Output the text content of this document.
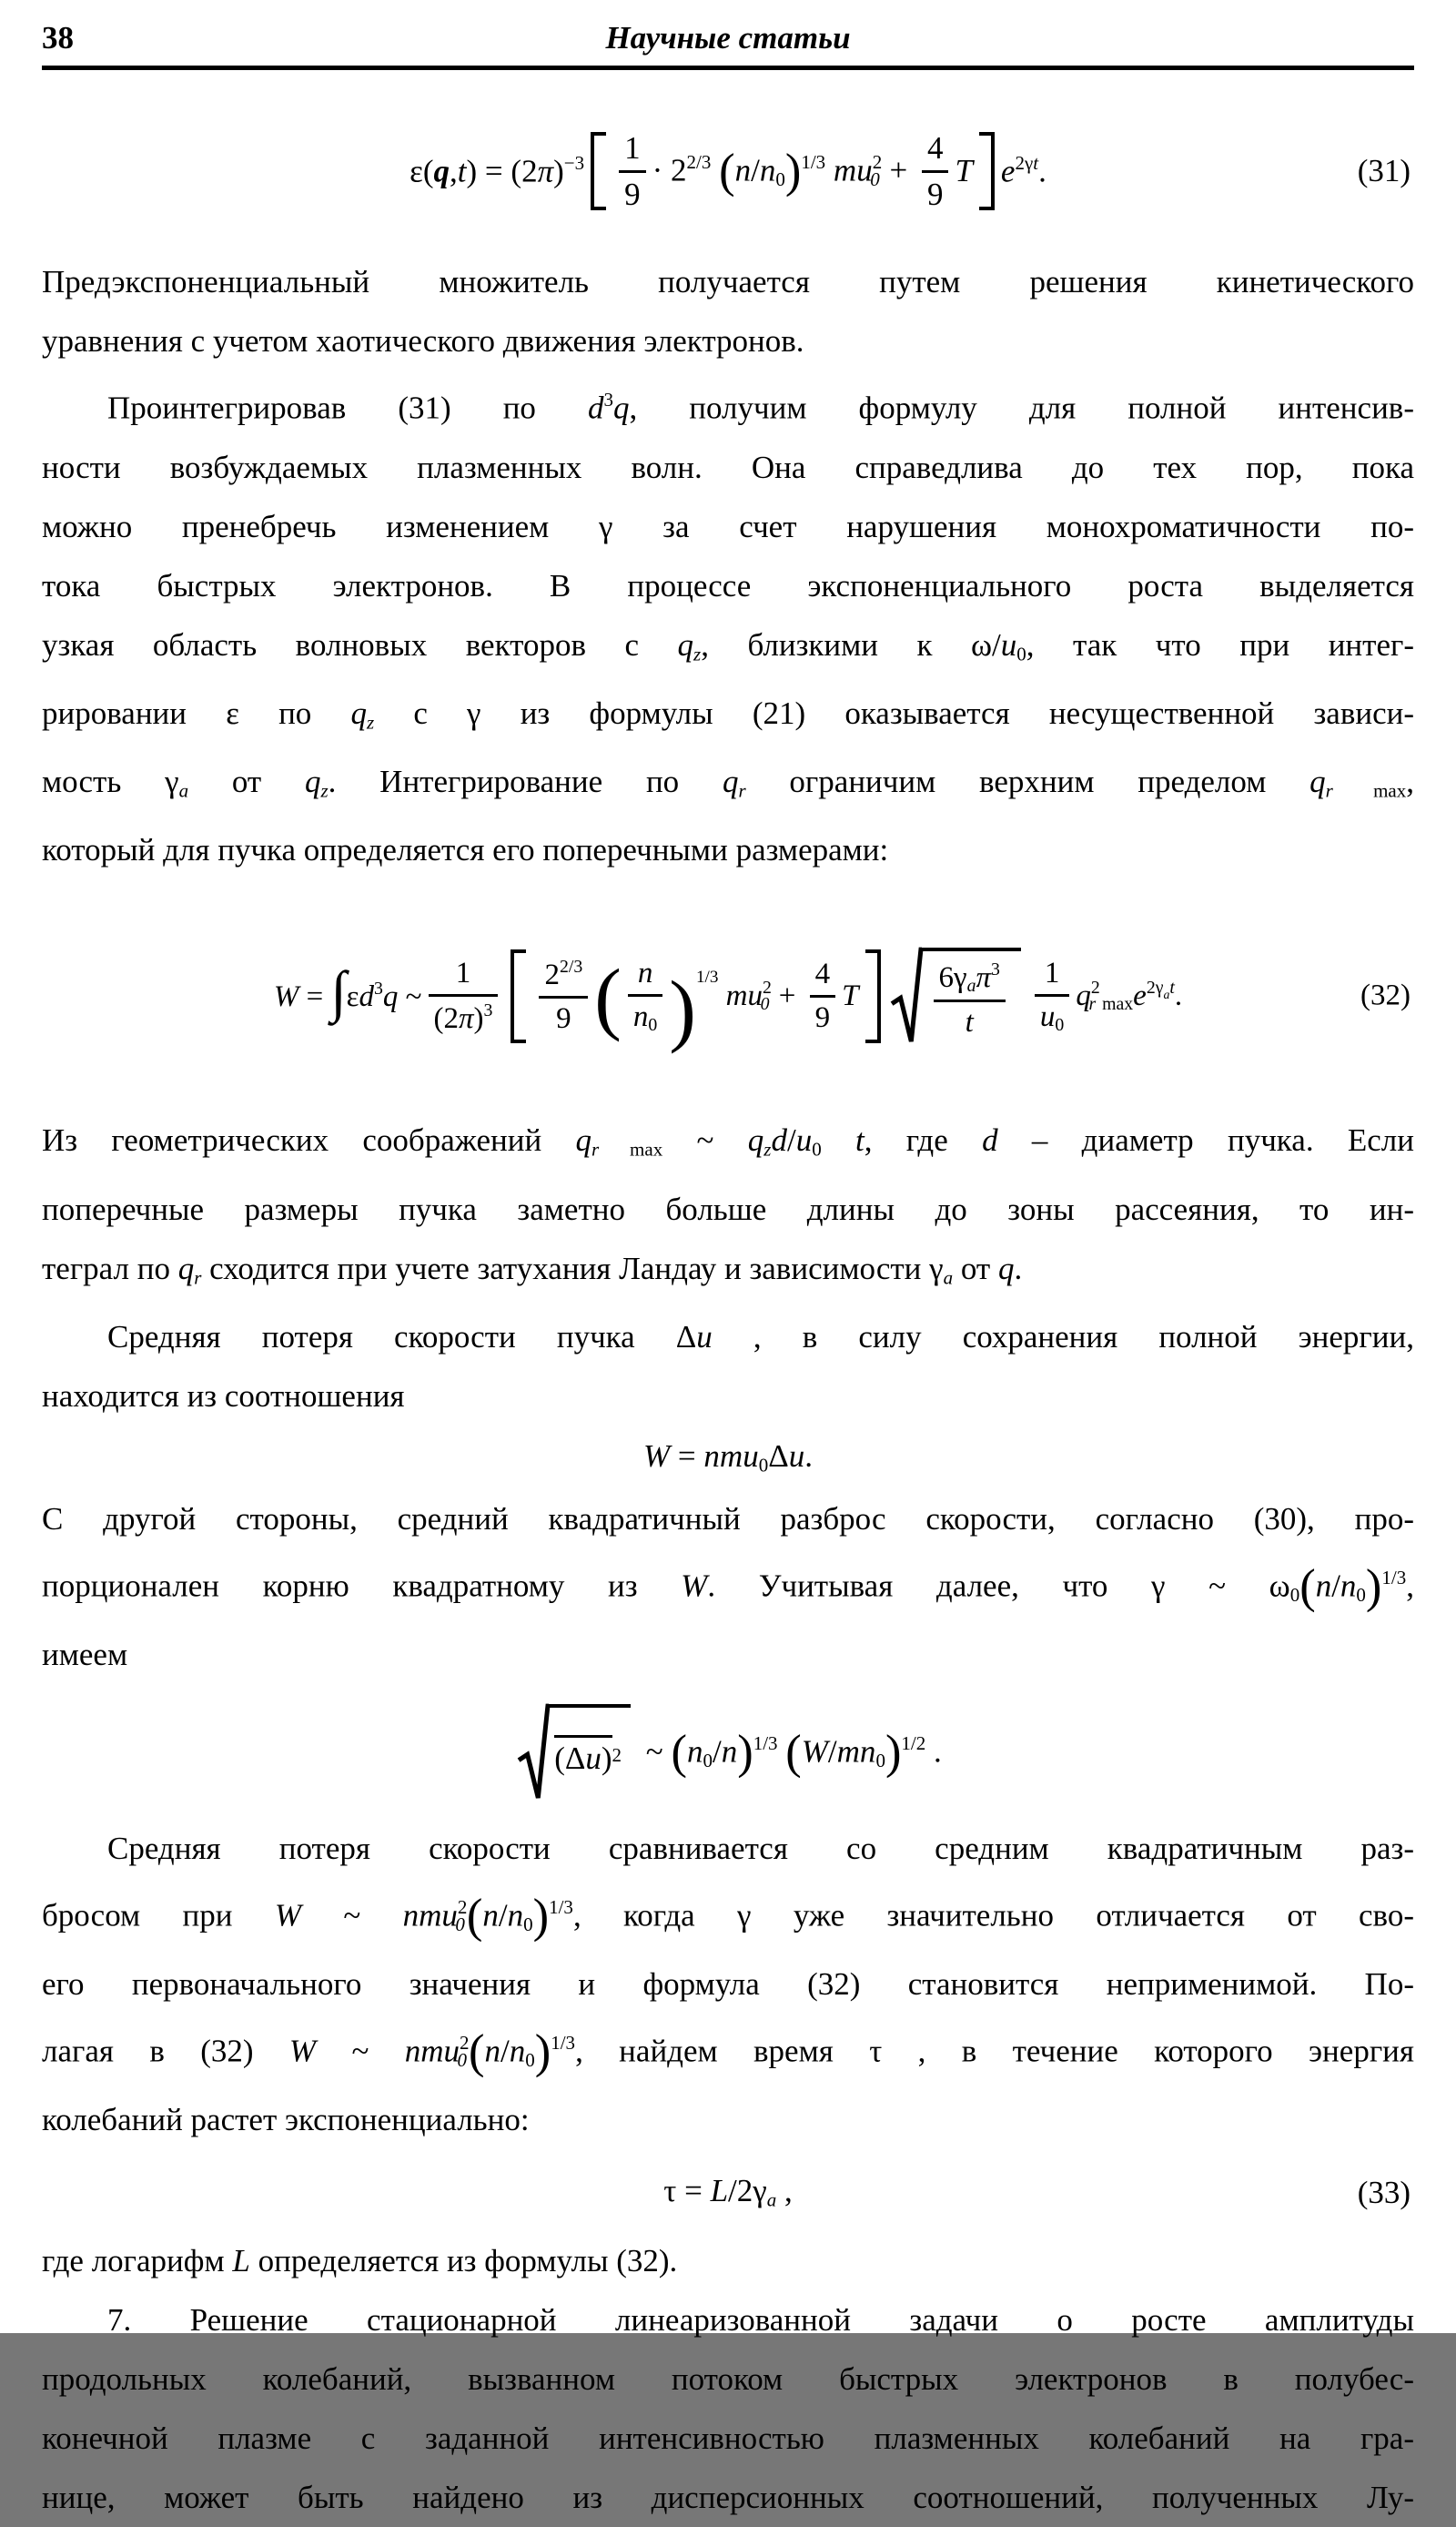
38	Научные статьи
$\varepsilon(q,t) = (2\pi)^{-3} \frac{1}{9} \cdot 2^{2/3}$ $(n/n_0)^{1/3}$ $mu^20 + \frac{4}{9}$ T $e^{2\gamma t}$.	(31)
Предэкспоненциальный множитель получается путем решения кинетического
уравнения с учетом хаотического движения электронов.
Проинтегрировав (31) по $d^3q$, получим формулу для полной интенсив-
ности возбуждаемых плазменных волн. Она справедлива до тех пор, пока
можно пренебречь изменением γ за счет нарушения монохроматичности по-
тока быстрых электронов. В процессе экспоненциального роста выделяется
узкая область волновых векторов с qz, близкими к $\omega/u_0$, так что при интег-
рировании ε по qz с γ из формулы (21) оказывается несущественной зависи-
мость γa от qz. Интегрирование по qr ограничим верхним пределом qr $_{max}$,
который для пучка определяется его поперечными размерами:
$W = \int\varepsilon d^3q$ ~ $\frac{1}{(2\pi)^3} \frac{2^{2/3}}{9}$ ( $\frac{n}{n_0} )^{1/3}$
$mu^20 + \frac{4}{9}$ T $\frac{6\gamma a\pi^3}{t} \frac{1}{u_0} q^2r$ $_{max}e^{2\gamma at}$.	(32)
Из геометрических соображений qr $_{max}$ ~ qzd/$u_0$ t, где d – диаметр пучка. Если
поперечные размеры пучка заметно больше длины до зоны рассеяния, то ин-
теграл по qr сходится при учете затухания Ландау и зависимости γa от q.
Средняя потеря скорости пучка Δu , в силу сохранения полной энергии,
находится из соотношения
W = nmu$_0$Δu.
С другой стороны, средний квадратичный разброс скорости, согласно (30), про-
порционален корню квадратному из W. Учитывая далее, что γ ~ $\omega_0(n/n_0)^{1/3}$,
имеем
(Δu) 2 ~ $(n_0/n)^{1/3}$ $(W/mn_0)^{1/2}$ .
Средняя потеря скорости сравнивается со средним квадратичным раз-
бросом при W ~ $nmu^20(n/n_0)^{1/3}$, когда γ уже значительно отличается от сво-
его первоначального значения и формула (32) становится неприменимой. По-
лагая в (32) W ~ $nmu^20(n/n_0)^{1/3}$, найдем время τ , в течение которого энергия
колебаний растет экспоненциально:
τ = L/2γa ,	(33)
где логарифм L определяется из формулы (32).
7. Решение стационарной линеаризованной задачи о росте амплитуды
продольных колебаний, вызванном потоком быстрых электронов в полубес-
конечной плазме с заданной интенсивностью плазменных колебаний на гра-
нице, может быть найдено из дисперсионных соотношений, полученных Лу-
